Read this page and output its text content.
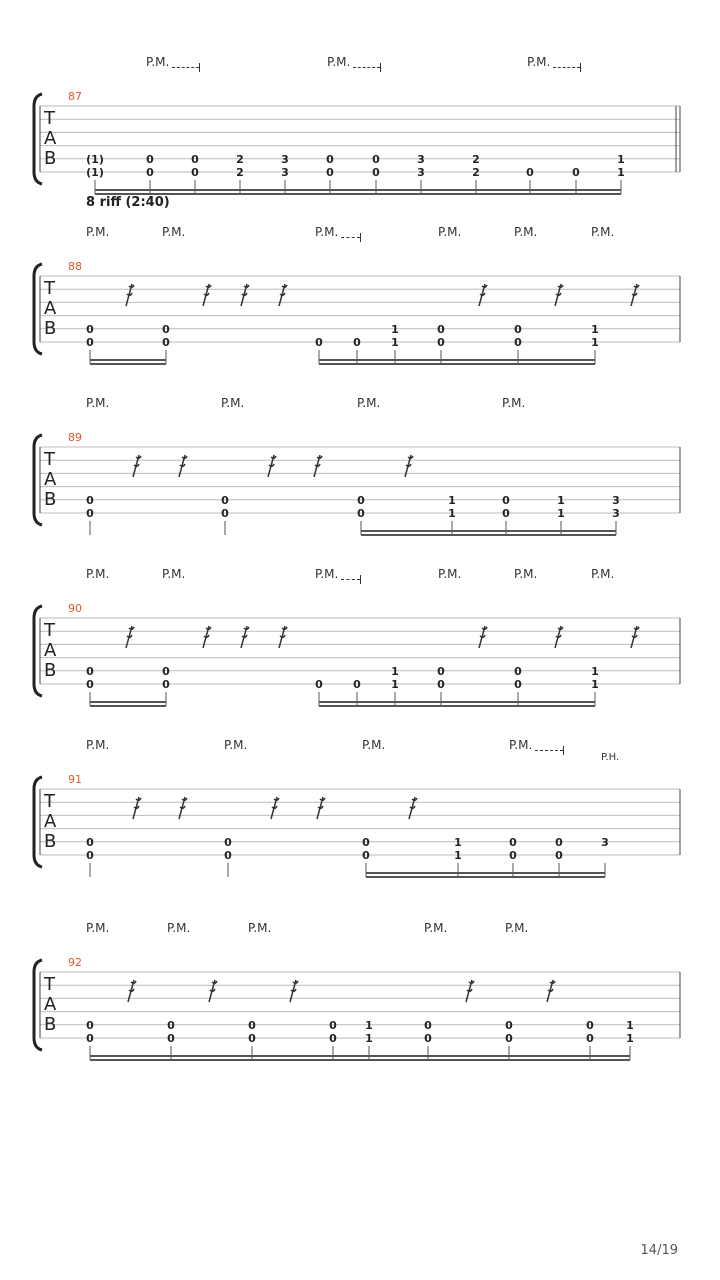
P.M.	P.M.	P.M.
87
T
A
B	(1)
(1)
0
0
0
0
2
2
3
3
0
0
0
0
3
3
2
2	0	0
1
1
8 riff (2:40)
P.M.	P.M.	P.M.	P.M.	P.M.	P.M.
88
T
A
B	0
0
0
0	0	0
1
1
0
0
0
0
1
1
P.M.	P.M.	P.M.	P.M.
89
T
A
B	0
0
0
0
0
0
1
1
0
0
1
1
3
3
P.M.	P.M.	P.M.	P.M.	P.M.	P.M.
90
T
A
B	0
0
0
0	0	0
1
1
0
0
0
0
1
1
P.M.	P.M.	P.M.	P.M.
P.H.
91
T
A
B	0
0
0
0
0
0
1
1
0
0
0
0
3
P.M.	P.M.	P.M.	P.M.	P.M.
92
T
A
B	0
0
0
0
0
0
0
0
1
1
0
0
0
0
0
0
1
1
14/19
